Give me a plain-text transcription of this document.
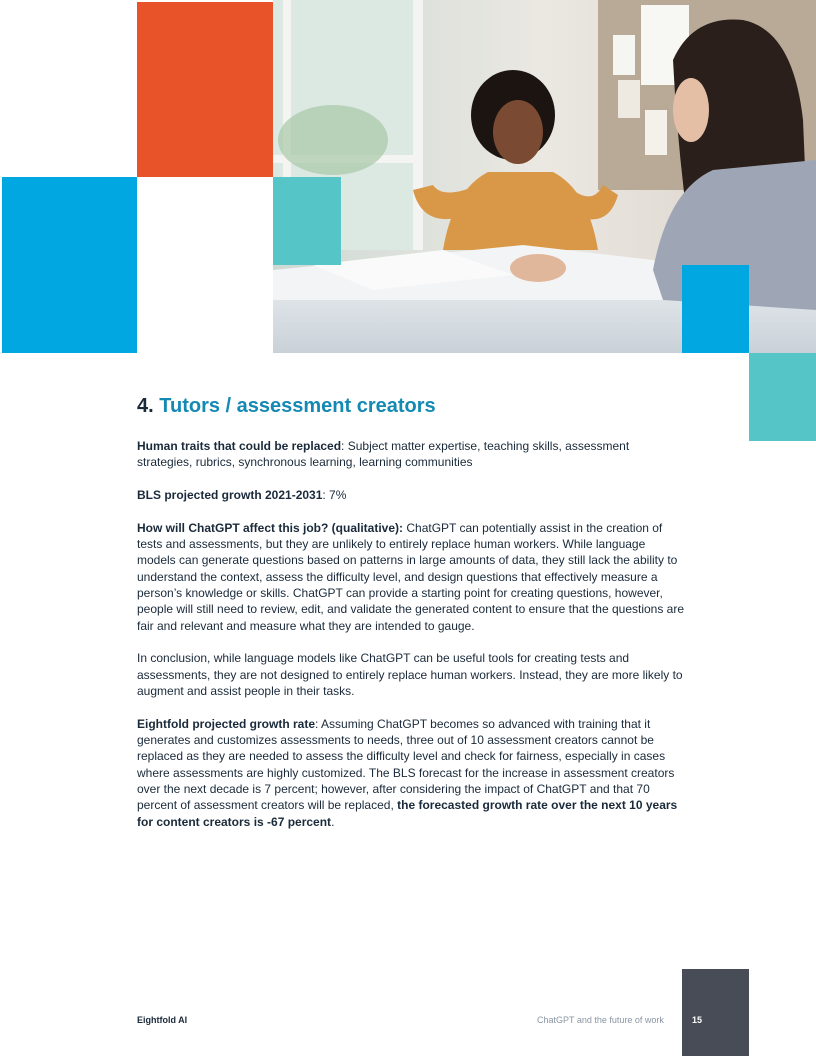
4. Tutors / assessment creators

Human traits that could be replaced: Subject matter expertise, teaching skills, assessment strategies, rubrics, synchronous learning, learning communities

BLS projected growth 2021-2031: 7%

How will ChatGPT affect this job? (qualitative): ChatGPT can potentially assist in the creation of tests and assessments, but they are unlikely to entirely replace human workers. While language models can generate questions based on patterns in large amounts of data, they still lack the ability to understand the context, assess the difficulty level, and design questions that effectively measure a person’s knowledge or skills. ChatGPT can provide a starting point for creating questions, however, people will still need to review, edit, and validate the generated content to ensure that the questions are fair and relevant and measure what they are intended to gauge.

In conclusion, while language models like ChatGPT can be useful tools for creating tests and assessments, they are not designed to entirely replace human workers. Instead, they are more likely to augment and assist people in their tasks.

Eightfold projected growth rate: Assuming ChatGPT becomes so advanced with training that it generates and customizes assessments to needs, three out of 10 assessment creators cannot be replaced as they are needed to assess the difficulty level and check for fairness, especially in cases where assessments are highly customized. The BLS forecast for the increase in assessment creators over the next decade is 7 percent; however, after considering the impact of ChatGPT and that 70 percent of assessment creators will be replaced, the forecasted growth rate over the next 10 years for content creators is -67 percent.

Eightfold AI	ChatGPT and the future of work	15
